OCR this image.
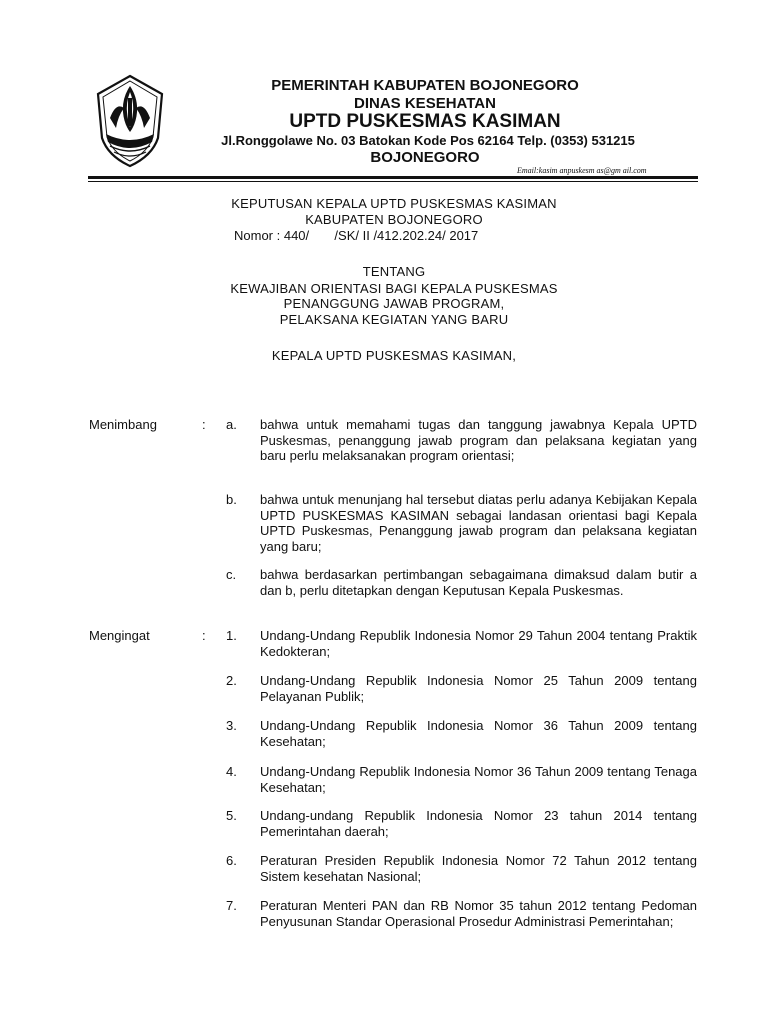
PEMERINTAH KABUPATEN BOJONEGORO
DINAS KESEHATAN
UPTD PUSKESMAS KASIMAN
Jl.Ronggolawe No. 03 Batokan Kode Pos 62164 Telp. (0353) 531215
BOJONEGORO
Email:kasim anpuskesm as@gm ail.com
KEPUTUSAN KEPALA UPTD PUSKESMAS KASIMAN
KABUPATEN BOJONEGORO
Nomor : 440/       /SK/ II /412.202.24/ 2017
TENTANG
KEWAJIBAN ORIENTASI BAGI KEPALA PUSKESMAS
PENANGGUNG JAWAB PROGRAM,
PELAKSANA KEGIATAN YANG BARU
KEPALA UPTD PUSKESMAS KASIMAN,
Menimbang	: a. bahwa untuk memahami tugas dan tanggung jawabnya Kepala UPTD Puskesmas, penanggung jawab program dan pelaksana kegiatan yang baru perlu melaksanakan program orientasi;
b. bahwa untuk menunjang hal tersebut diatas perlu adanya Kebijakan Kepala UPTD PUSKESMAS KASIMAN sebagai landasan orientasi bagi Kepala UPTD Puskesmas, Penanggung jawab program dan pelaksana kegiatan yang baru;
c. bahwa berdasarkan pertimbangan sebagaimana dimaksud dalam butir a dan b, perlu ditetapkan dengan Keputusan Kepala Puskesmas.
Mengingat	: 1. Undang-Undang Republik Indonesia Nomor 29 Tahun 2004 tentang Praktik Kedokteran;
2. Undang-Undang Republik Indonesia Nomor 25 Tahun 2009 tentang Pelayanan Publik;
3. Undang-Undang Republik Indonesia Nomor 36 Tahun 2009 tentang Kesehatan;
4. Undang-Undang Republik Indonesia Nomor 36 Tahun 2009 tentang Tenaga Kesehatan;
5. Undang-undang Republik Indonesia Nomor 23 tahun 2014 tentang Pemerintahan daerah;
6. Peraturan Presiden Republik Indonesia Nomor 72 Tahun 2012 tentang Sistem kesehatan Nasional;
7. Peraturan Menteri PAN dan RB Nomor 35 tahun 2012 tentang Pedoman Penyusunan Standar Operasional Prosedur Administrasi Pemerintahan;
